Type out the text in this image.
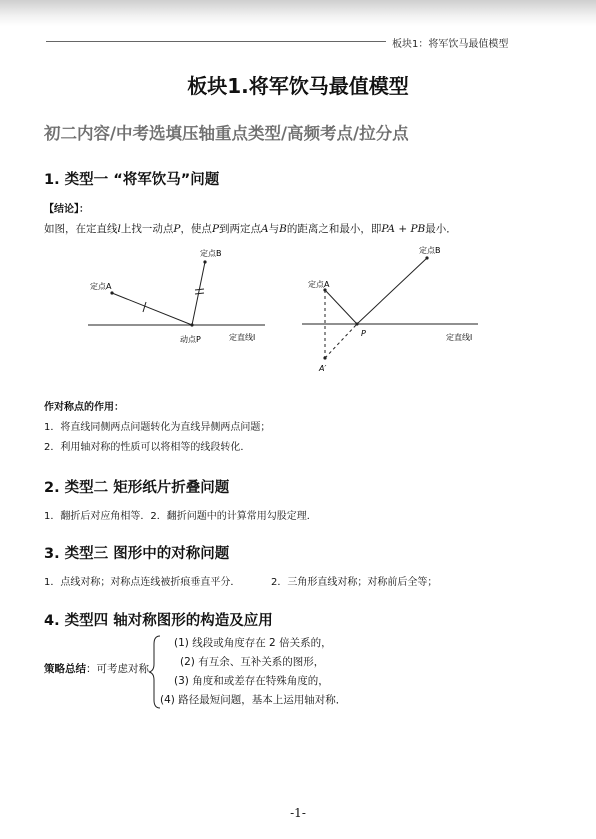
板块1：将军饮马最值模型
板块1.将军饮马最值模型
初二内容/中考选填压轴重点类型/高频考点/拉分点
1. 类型一 “将军饮马”问题
【结论】：
如图，在定直线l上找一动点P，使点P到两定点A与B的距离之和最小，即PA + PB最小．
定点A
定点B
动点P	定直线l
定点A
定点B
P
A′
定直线l
作对称点的作用：
1．将直线同侧两点问题转化为直线异侧两点问题；
2．利用轴对称的性质可以将相等的线段转化．
2. 类型二 矩形纸片折叠问题
1．翻折后对应角相等．2．翻折问题中的计算常用勾股定理．
3. 类型三 图形中的对称问题
1．点线对称；对称点连线被折痕垂直平分．	2．三角形直线对称；对称前后全等；
4. 类型四 轴对称图形的构造及应用
策略总结：可考虑对称
(1) 线段或角度存在 2 倍关系的，
(2) 有互余、互补关系的图形，
(3) 角度和或差存在特殊角度的，
(4) 路径最短问题，基本上运用轴对称．
-1-
